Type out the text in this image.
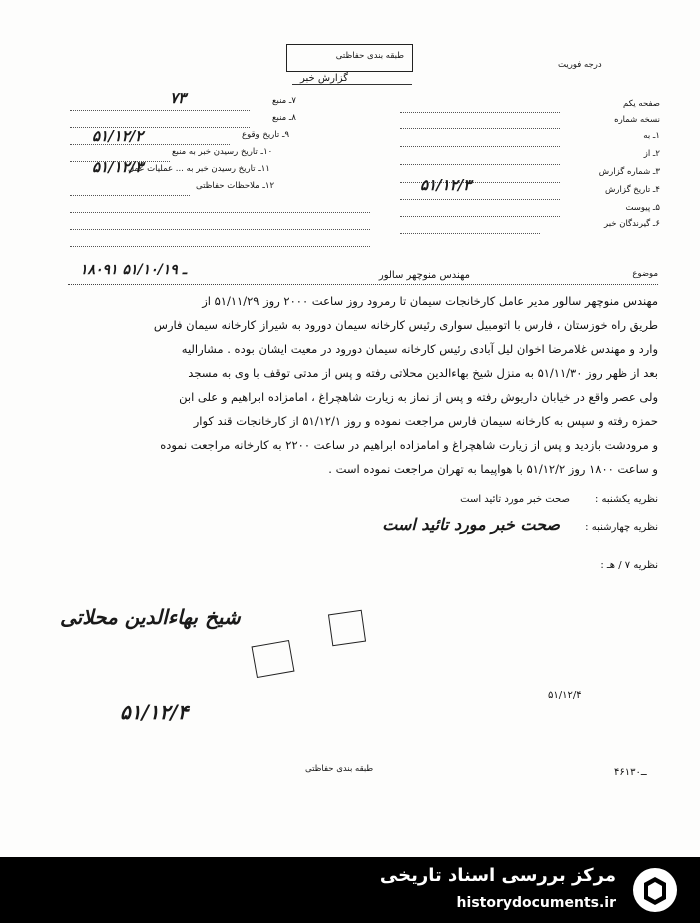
طبقه بندی حفاظتی
گزارش خبر
درجه فوریت
صفحه یکم
نسخه شماره
۱ـ به
۲ـ از
۳ـ شماره گزارش
۴ـ تاریخ گزارش
۵ـ پیوست
۶ـ گیرندگان خبر
۷ـ منبع
۸ـ منبع
۹ـ تاریخ وقوع
۱۰ـ تاریخ رسیدن خبر به منبع
۱۱ـ تاریخ رسیدن خبر به ... عملیات عمل
۱۲ـ ملاحظات حفاظتی
۷۳
۵۱/۱۲/۲
۵۱/۱۲/۳
۵۱/۱۲/۳
۱۸۰۹۱ ـ ۵۱/۱۰/۱۹	موضوع
مهندس منوچهر سالور
مهندس منوچهر سالور مدیر عامل کارخانجات سیمان تا رمرود روز ساعت ۲۰۰۰ روز ۵۱/۱۱/۲۹ از
طریق راه خوزستان ، فارس با اتومبیل سواری رئیس کارخانه سیمان دورود به شیراز کارخانه سیمان فارس
وارد و مهندس غلامرضا اخوان لیل آبادی رئیس کارخانه سیمان دورود در معیت ایشان بوده . مشارالیه
بعد از ظهر روز ۵۱/۱۱/۳۰ به منزل شیخ بهاءالدین محلاتی رفته و پس از مدتی توقف با وی به مسجد
ولی عصر واقع در خیابان داریوش رفته و پس از نماز به زیارت شاهچراغ ، امامزاده ابراهیم و علی ابن
حمزه رفته و سپس به کارخانه سیمان فارس مراجعت نموده و روز ۵۱/۱۲/۱ از کارخانجات قند کوار
و مرودشت بازدید و پس از زیارت شاهچراغ و امامزاده ابراهیم در ساعت ۲۲۰۰ به کارخانه مراجعت نموده
و ساعت ۱۸۰۰ روز ۵۱/۱۲/۲ با هواپیما به تهران مراجعت نموده است .
نظریه یکشنبه :
صحت خبر مورد تائید است
نظریه چهارشنبه :
نظریه ۷ / هـ :
صحت خبر مورد تائید است
شیخ بهاءالدین محلاتی
۵۱/۱۲/۴
۵۱/۱۲/۴
طبقه بندی حفاظتی	۴۶ــ۱۳۰
مرکز بررسی اسناد تاریخی
historydocuments.ir
